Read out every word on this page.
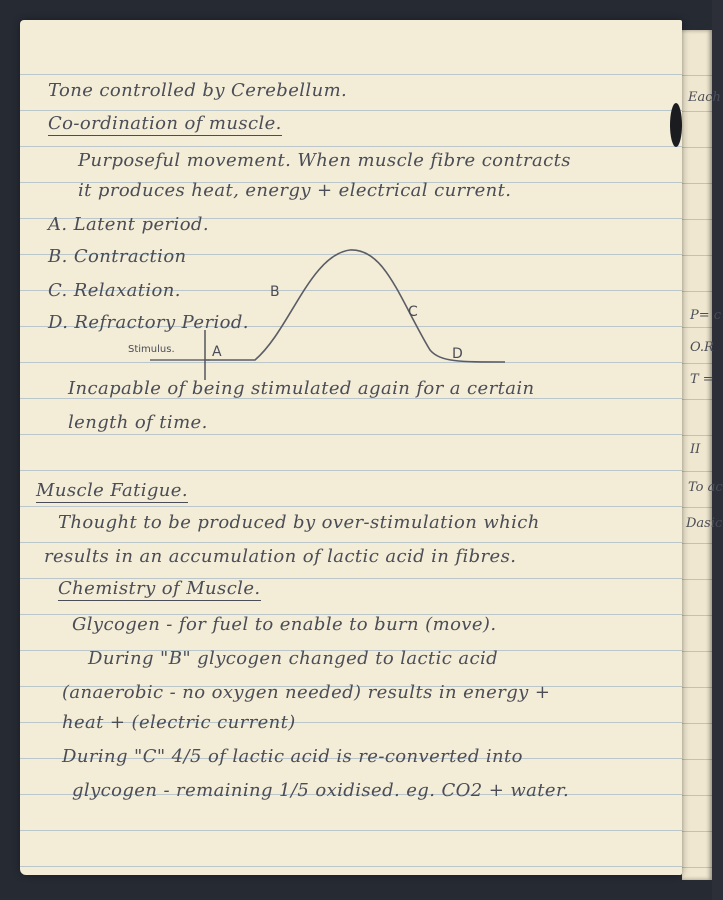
Each
P= c
O.R
T =
II
To ac
Dasic
Tone controlled by Cerebellum.
Co-ordination of muscle.
Purposeful movement. When muscle fibre contracts
it produces heat, energy + electrical current.
A. Latent period.
B. Contraction
C. Relaxation.
D. Refractory Period.
Incapable of being stimulated again for a certain
length of time.
Muscle Fatigue.
Thought to be produced by over-stimulation which
results in an accumulation of lactic acid in fibres.
Chemistry of Muscle.
Glycogen - for fuel to enable to burn (move).
During "B" glycogen changed to lactic acid
(anaerobic - no oxygen needed) results in energy +
heat + (electric current)
During "C" 4/5 of lactic acid is re-converted into
glycogen - remaining 1/5 oxidised. eg. CO2 + water.
Stimulus.	A
B
C
D
